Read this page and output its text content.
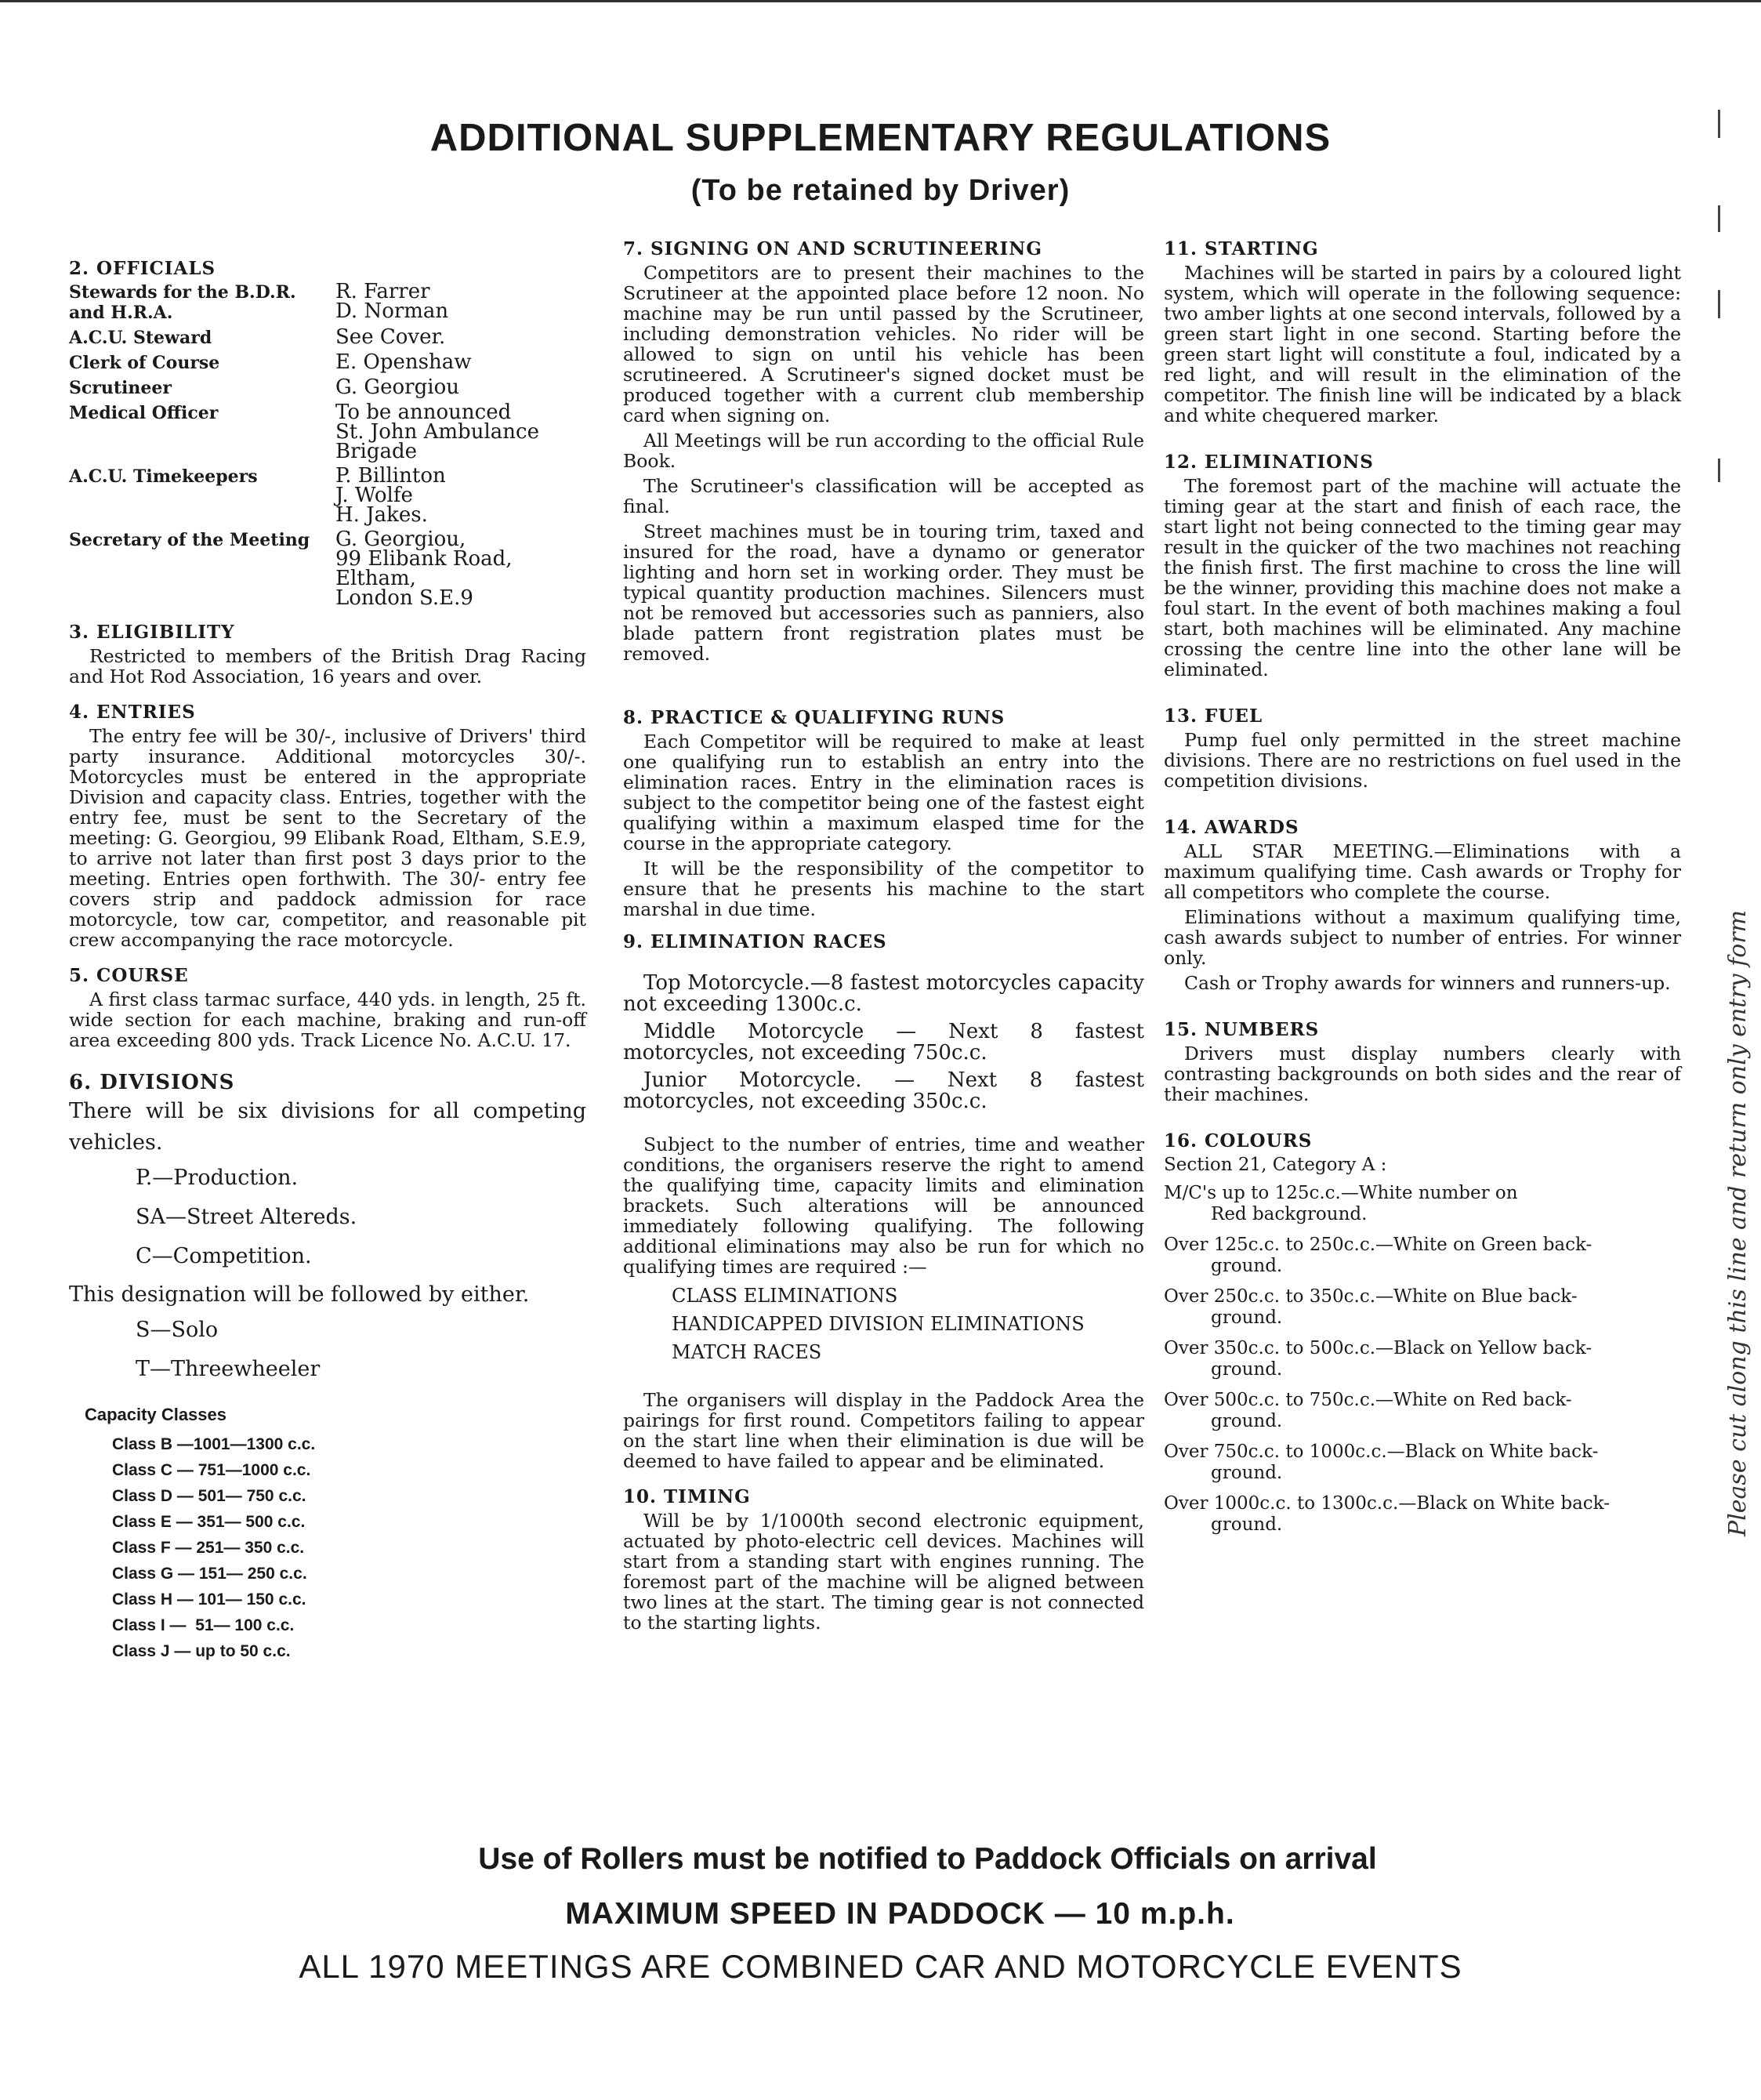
ADDITIONAL SUPPLEMENTARY REGULATIONS
(To be retained by Driver)
2. OFFICIALS
Stewards for the B.D.R. and H.R.A.	R. Farrer
D. Norman
A.C.U. Steward	See Cover.
Clerk of Course	E. Openshaw
Scrutineer	G. Georgiou
Medical Officer	To be announced
St. John Ambulance Brigade
A.C.U. Timekeepers	P. Billinton
J. Wolfe
H. Jakes.
Secretary of the Meeting	G. Georgiou,
99 Elibank Road,
Eltham,
London S.E.9
3. ELIGIBILITY
Restricted to members of the British Drag Racing and Hot Rod Association, 16 years and over.
4. ENTRIES
The entry fee will be 30/-, inclusive of Drivers' third party insurance. Additional motorcycles 30/-. Motorcycles must be entered in the appropriate Division and capacity class. Entries, together with the entry fee, must be sent to the Secretary of the meeting: G. Georgiou, 99 Elibank Road, Eltham, S.E.9, to arrive not later than first post 3 days prior to the meeting. Entries open forthwith. The 30/- entry fee covers strip and paddock admission for race motorcycle, tow car, competitor, and reasonable pit crew accompanying the race motorcycle.
5. COURSE
A first class tarmac surface, 440 yds. in length, 25 ft. wide section for each machine, braking and run-off area exceeding 800 yds. Track Licence No. A.C.U. 17.
6. DIVISIONS
There will be six divisions for all competing vehicles.
P.—Production.
SA—Street Altereds.
C—Competition.
This designation will be followed by either.
S—Solo
T—Threewheeler
Capacity Classes
Class B —1001—1300 c.c.
Class C — 751—1000 c.c.
Class D — 501— 750 c.c.
Class E — 351— 500 c.c.
Class F — 251— 350 c.c.
Class G — 151— 250 c.c.
Class H — 101— 150 c.c.
Class I —  51— 100 c.c.
Class J — up to 50 c.c.
7. SIGNING ON AND SCRUTINEERING
Competitors are to present their machines to the Scrutineer at the appointed place before 12 noon. No machine may be run until passed by the Scrutineer, including demonstration vehicles. No rider will be allowed to sign on until his vehicle has been scrutineered. A Scrutineer's signed docket must be produced together with a current club membership card when signing on.
All Meetings will be run according to the official Rule Book.
The Scrutineer's classification will be accepted as final.
Street machines must be in touring trim, taxed and insured for the road, have a dynamo or generator lighting and horn set in working order. They must be typical quantity production machines. Silencers must not be removed but accessories such as panniers, also blade pattern front registration plates must be removed.
8. PRACTICE & QUALIFYING RUNS
Each Competitor will be required to make at least one qualifying run to establish an entry into the elimination races. Entry in the elimination races is subject to the competitor being one of the fastest eight qualifying within a maximum elasped time for the course in the appropriate category.
It will be the responsibility of the competitor to ensure that he presents his machine to the start marshal in due time.
9. ELIMINATION RACES
Top Motorcycle.—8 fastest motorcycles capacity not exceeding 1300c.c.
Middle Motorcycle — Next 8 fastest motorcycles, not exceeding 750c.c.
Junior Motorcycle. — Next 8 fastest motorcycles, not exceeding 350c.c.
Subject to the number of entries, time and weather conditions, the organisers reserve the right to amend the qualifying time, capacity limits and elimination brackets. Such alterations will be announced immediately following qualifying. The following additional eliminations may also be run for which no qualifying times are required :—
CLASS ELIMINATIONS
HANDICAPPED DIVISION ELIMINATIONS
MATCH RACES
The organisers will display in the Paddock Area the pairings for first round. Competitors failing to appear on the start line when their elimination is due will be deemed to have failed to appear and be eliminated.
10. TIMING
Will be by 1/1000th second electronic equipment, actuated by photo-electric cell devices. Machines will start from a standing start with engines running. The foremost part of the machine will be aligned between two lines at the start. The timing gear is not connected to the starting lights.
11. STARTING
Machines will be started in pairs by a coloured light system, which will operate in the following sequence: two amber lights at one second intervals, followed by a green start light in one second. Starting before the green start light will constitute a foul, indicated by a red light, and will result in the elimination of the competitor. The finish line will be indicated by a black and white chequered marker.
12. ELIMINATIONS
The foremost part of the machine will actuate the timing gear at the start and finish of each race, the start light not being connected to the timing gear may result in the quicker of the two machines not reaching the finish first. The first machine to cross the line will be the winner, providing this machine does not make a foul start. In the event of both machines making a foul start, both machines will be eliminated. Any machine crossing the centre line into the other lane will be eliminated.
13. FUEL
Pump fuel only permitted in the street machine divisions. There are no restrictions on fuel used in the competition divisions.
14. AWARDS
ALL STAR MEETING.—Eliminations with a maximum qualifying time. Cash awards or Trophy for all competitors who complete the course.
Eliminations without a maximum qualifying time, cash awards subject to number of entries. For winner only.
Cash or Trophy awards for winners and runners-up.
15. NUMBERS
Drivers must display numbers clearly with contrasting backgrounds on both sides and the rear of their machines.
16. COLOURS
Section 21, Category A :
M/C's up to 125c.c.—White number on
Red background.
Over 125c.c. to 250c.c.—White on Green back-
ground.
Over 250c.c. to 350c.c.—White on Blue back-
ground.
Over 350c.c. to 500c.c.—Black on Yellow back-
ground.
Over 500c.c. to 750c.c.—White on Red back-
ground.
Over 750c.c. to 1000c.c.—Black on White back-
ground.
Over 1000c.c. to 1300c.c.—Black on White back-
ground.
Use of Rollers must be notified to Paddock Officials on arrival
MAXIMUM SPEED IN PADDOCK — 10 m.p.h.
ALL 1970 MEETINGS ARE COMBINED CAR AND MOTORCYCLE EVENTS
Please cut along this line and return only entry form
